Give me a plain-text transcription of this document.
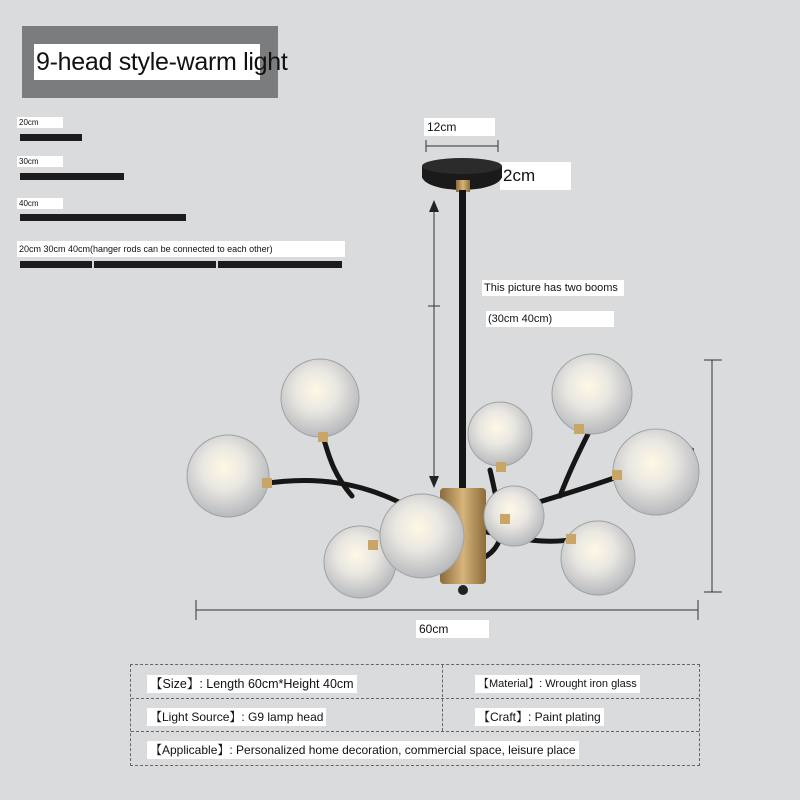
9-head style-warm light
20cm
30cm
40cm
20cm 30cm 40cm(hanger rods can be connected to each other)
12cm
2cm
This picture has two booms
(30cm 40cm)
60cm
【Size】: Length 60cm*Height 40cm	【Material】: Wrought iron glass
【Light Source】: G9 lamp head	【Craft】: Paint plating
【Applicable】: Personalized home decoration, commercial space, leisure place
